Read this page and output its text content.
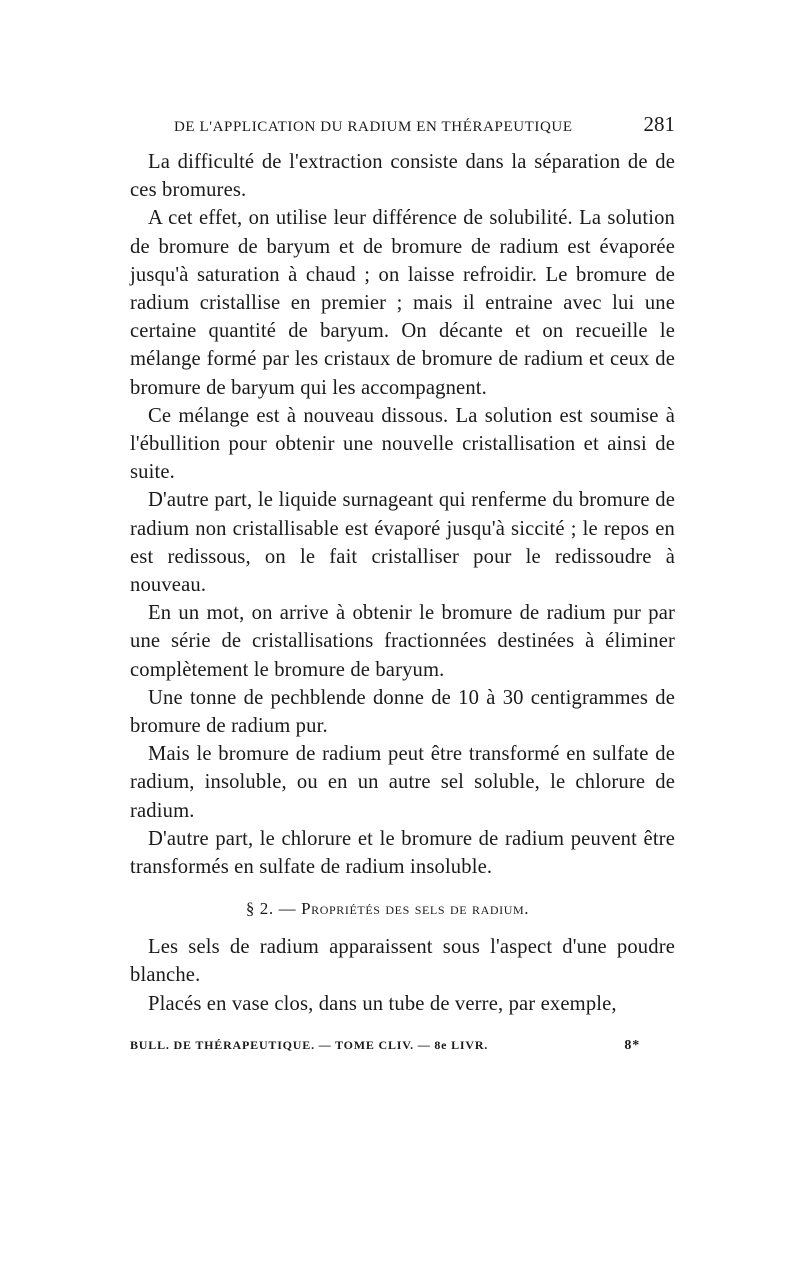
DE L'APPLICATION DU RADIUM EN THÉRAPEUTIQUE	281

La difficulté de l'extraction consiste dans la séparation de de ces bromures.

A cet effet, on utilise leur différence de solubilité. La solution de bromure de baryum et de bromure de radium est évaporée jusqu'à saturation à chaud ; on laisse refroidir. Le bromure de radium cristallise en premier ; mais il entraine avec lui une certaine quantité de baryum. On décante et on recueille le mélange formé par les cristaux de bromure de radium et ceux de bromure de baryum qui les accompagnent.

Ce mélange est à nouveau dissous. La solution est soumise à l'ébullition pour obtenir une nouvelle cristallisation et ainsi de suite.

D'autre part, le liquide surnageant qui renferme du bromure de radium non cristallisable est évaporé jusqu'à siccité ; le repos en est redissous, on le fait cristalliser pour le redissoudre à nouveau.

En un mot, on arrive à obtenir le bromure de radium pur par une série de cristallisations fractionnées destinées à éliminer complètement le bromure de baryum.

Une tonne de pechblende donne de 10 à 30 centigrammes de bromure de radium pur.

Mais le bromure de radium peut être transformé en sulfate de radium, insoluble, ou en un autre sel soluble, le chlorure de radium.

D'autre part, le chlorure et le bromure de radium peuvent être transformés en sulfate de radium insoluble.

§ 2. — Propriétés des sels de radium.

Les sels de radium apparaissent sous l'aspect d'une poudre blanche.

Placés en vase clos, dans un tube de verre, par exemple,

BULL. DE THÉRAPEUTIQUE. — TOME CLIV. — 8e LIVR.	8*
